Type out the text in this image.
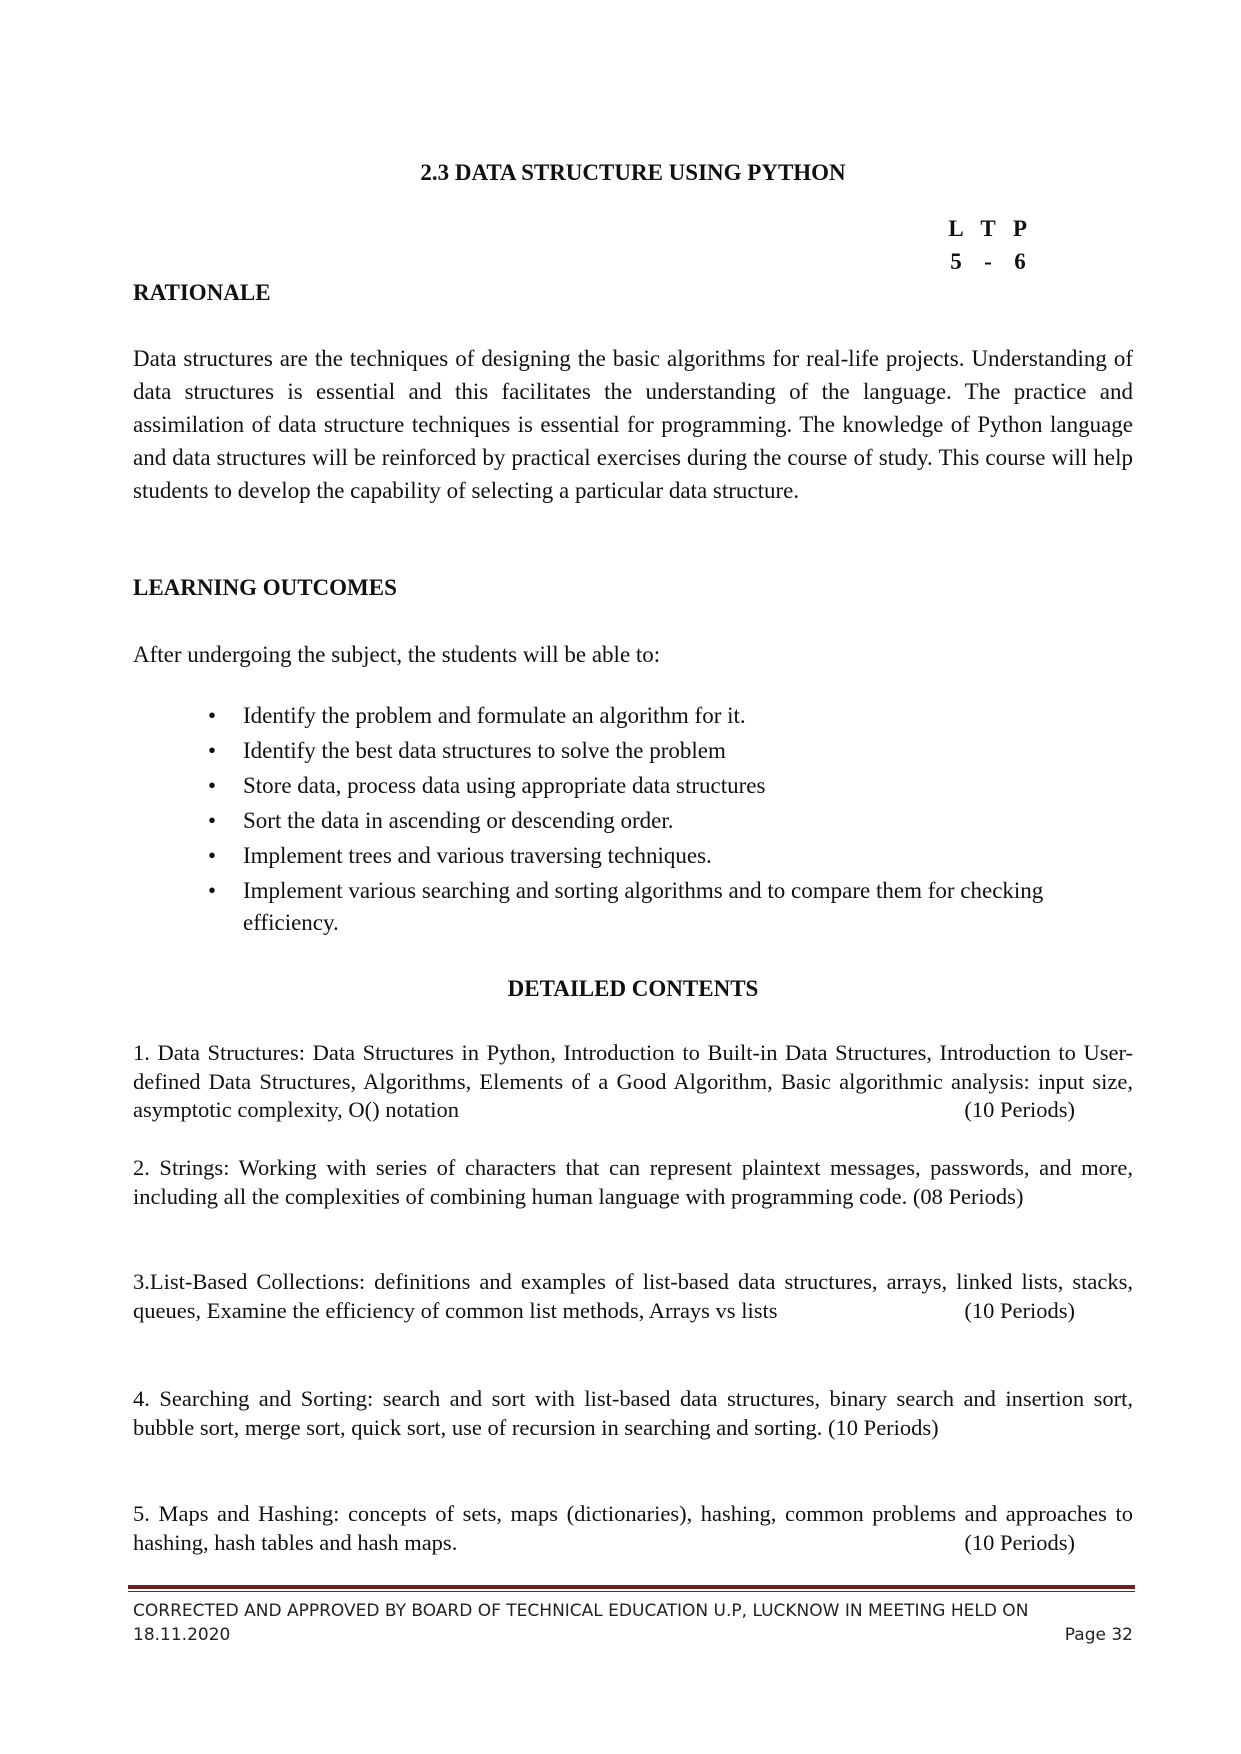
2.3 DATA STRUCTURE USING PYTHON
L T P
5 - 6
RATIONALE
Data structures are the techniques of designing the basic algorithms for real-life projects. Understanding of data structures is essential and this facilitates the understanding of the language. The practice and assimilation of data structure techniques is essential for programming. The knowledge of Python language and data structures will be reinforced by practical exercises during the course of study. This course will help students to develop the capability of selecting a particular data structure.
LEARNING OUTCOMES
After undergoing the subject, the students will be able to:
• Identify the problem and formulate an algorithm for it.
• Identify the best data structures to solve the problem
• Store data, process data using appropriate data structures
• Sort the data in ascending or descending order.
• Implement trees and various traversing techniques.
• Implement various searching and sorting algorithms and to compare them for checking efficiency.
DETAILED CONTENTS
1. Data Structures: Data Structures in Python, Introduction to Built-in Data Structures, Introduction to User-defined Data Structures, Algorithms, Elements of a Good Algorithm, Basic algorithmic analysis: input size, asymptotic complexity, O() notation	(10 Periods)
2. Strings: Working with series of characters that can represent plaintext messages, passwords, and more, including all the complexities of combining human language with programming code. (08 Periods)
3.List-Based Collections: definitions and examples of list-based data structures, arrays, linked lists, stacks, queues, Examine the efficiency of common list methods, Arrays vs lists	(10 Periods)
4. Searching and Sorting: search and sort with list-based data structures, binary search and insertion sort, bubble sort, merge sort, quick sort, use of recursion in searching and sorting. (10 Periods)
5. Maps and Hashing: concepts of sets, maps (dictionaries), hashing, common problems and approaches to hashing, hash tables and hash maps.	(10 Periods)
CORRECTED AND APPROVED BY BOARD OF TECHNICAL EDUCATION U.P, LUCKNOW IN MEETING HELD ON
18.11.2020	Page 32
